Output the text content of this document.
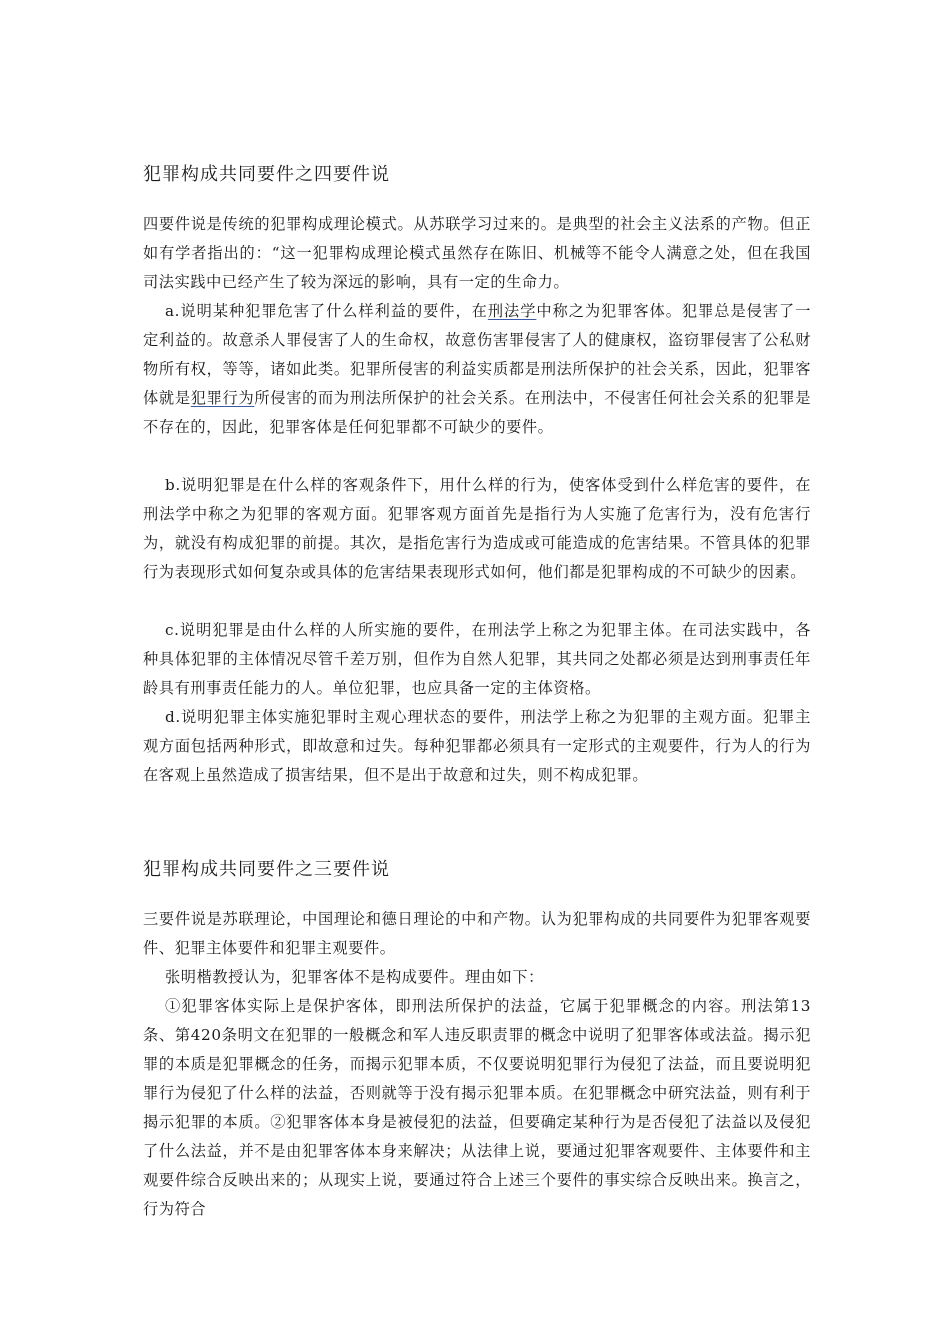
犯罪构成共同要件之四要件说
四要件说是传统的犯罪构成理论模式。从苏联学习过来的。是典型的社会主义法系的产物。但正如有学者指出的：“这一犯罪构成理论模式虽然存在陈旧、机械等不能令人满意之处，但在我国司法实践中已经产生了较为深远的影响，具有一定的生命力。
a.说明某种犯罪危害了什么样利益的要件，在刑法学中称之为犯罪客体。犯罪总是侵害了一定利益的。故意杀人罪侵害了人的生命权，故意伤害罪侵害了人的健康权，盗窃罪侵害了公私财物所有权，等等，诸如此类。犯罪所侵害的利益实质都是刑法所保护的社会关系，因此，犯罪客体就是犯罪行为所侵害的而为刑法所保护的社会关系。在刑法中，不侵害任何社会关系的犯罪是不存在的，因此，犯罪客体是任何犯罪都不可缺少的要件。
b.说明犯罪是在什么样的客观条件下，用什么样的行为，使客体受到什么样危害的要件，在刑法学中称之为犯罪的客观方面。犯罪客观方面首先是指行为人实施了危害行为，没有危害行为，就没有构成犯罪的前提。其次，是指危害行为造成或可能造成的危害结果。不管具体的犯罪行为表现形式如何复杂或具体的危害结果表现形式如何，他们都是犯罪构成的不可缺少的因素。
c.说明犯罪是由什么样的人所实施的要件，在刑法学上称之为犯罪主体。在司法实践中，各种具体犯罪的主体情况尽管千差万别，但作为自然人犯罪，其共同之处都必须是达到刑事责任年龄具有刑事责任能力的人。单位犯罪，也应具备一定的主体资格。
d.说明犯罪主体实施犯罪时主观心理状态的要件，刑法学上称之为犯罪的主观方面。犯罪主观方面包括两种形式，即故意和过失。每种犯罪都必须具有一定形式的主观要件，行为人的行为在客观上虽然造成了损害结果，但不是出于故意和过失，则不构成犯罪。
犯罪构成共同要件之三要件说
三要件说是苏联理论，中国理论和德日理论的中和产物。认为犯罪构成的共同要件为犯罪客观要件、犯罪主体要件和犯罪主观要件。
张明楷教授认为，犯罪客体不是构成要件。理由如下：
①犯罪客体实际上是保护客体，即刑法所保护的法益，它属于犯罪概念的内容。刑法第13条、第420条明文在犯罪的一般概念和军人违反职责罪的概念中说明了犯罪客体或法益。揭示犯罪的本质是犯罪概念的任务，而揭示犯罪本质，不仅要说明犯罪行为侵犯了法益，而且要说明犯罪行为侵犯了什么样的法益，否则就等于没有揭示犯罪本质。在犯罪概念中研究法益，则有利于揭示犯罪的本质。②犯罪客体本身是被侵犯的法益，但要确定某种行为是否侵犯了法益以及侵犯了什么法益，并不是由犯罪客体本身来解决；从法律上说，要通过犯罪客观要件、主体要件和主观要件综合反映出来的；从现实上说，要通过符合上述三个要件的事实综合反映出来。换言之，行为符合
